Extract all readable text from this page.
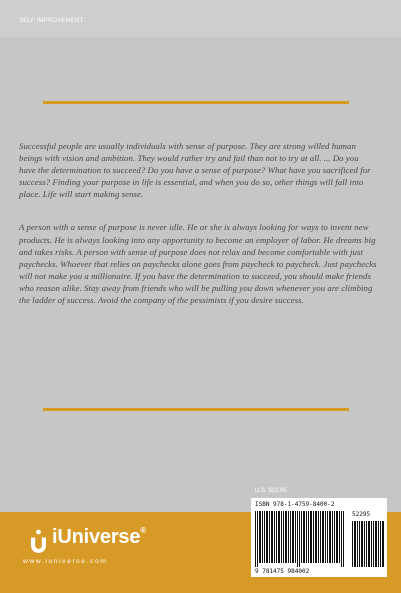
SELF IMPROVEMENT

Successful people are usually individuals with sense of purpose. They are strong willed human beings with vision and ambition. They would rather try and fail than not to try at all. ... Do you have the determination to succeed? Do you have a sense of purpose? What have you sacrificed for success? Finding your purpose in life is essential, and when you do so, other things will fall into place. Life will start making sense.

A person with a sense of purpose is never idle. He or she is always looking for ways to invent new products. He is always looking into any opportunity to become an employer of labor. He dreams big and takes risks. A person with sense of purpose does not relax and become comfortable with just paychecks. Whoever that relies on paychecks alone goes from paycheck to paycheck. Just paychecks will not make you a millionaire. If you have the determination to succeed, you should make friends who reason alike. Stay away from friends who will be pulling you down whenever you are climbing the ladder of success. Avoid the company of the pessimists if you desire success.

U.S. $22.95
ISBN 978-1-4759-8400-2
52295
9 781475 984002
iUniverse®
www.iuniverse.com
